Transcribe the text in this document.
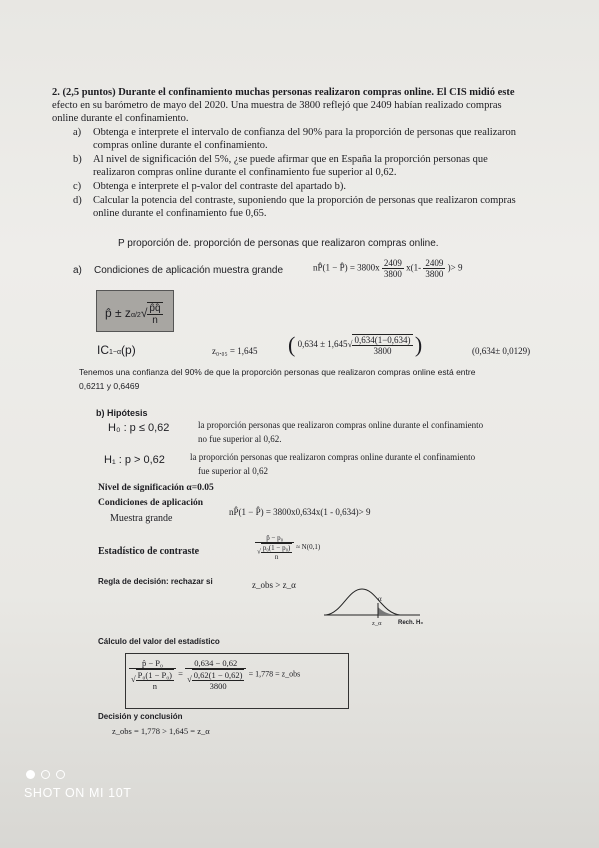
2. (2,5 puntos) Durante el confinamiento muchas personas realizaron compras online. El CIS midió este
efecto en su barómetro de mayo del 2020. Una muestra de 3800 reflejó que 2409 habían realizado compras
online durante el confinamiento.
a) Obtenga e interprete el intervalo de confianza del 90% para la proporción de personas que realizaron
compras online durante el confinamiento.
b) Al nivel de significación del 5%, ¿se puede afirmar que en España la proporción personas que
realizaron compras online durante el confinamiento fue superior al 0,62.
c) Obtenga e interprete el p-valor del contraste del apartado b).
d) Calcular la potencia del contraste, suponiendo que la proporción de personas que realizaron compras
online durante el confinamiento fue 0,65.
P proporción de. proporción de personas que realizaron compras online.
a) Condiciones de aplicación muestra grande	nP̂(1 − P̂) = $3800x \frac{2409}{3800} x(1- \frac{2409}{3800}$ )> 9
p̂ ± $z\alpha/2√ \frac{p̂q̂}{n}$
IC1−α(p)	z₀.₀₅ = 1,645 ( $0,634 \pm 1,645√ \frac{0,634(1-0,634)}{3800}$ )	(0,634± 0,0129)
Tenemos una confianza del 90% de que la proporción personas que realizaron compras online está entre
0,6211 y 0,6469
b) Hipótesis
H₀ : p ≤ 0,62	la proporción personas que realizaron compras online durante el confinamiento
no fue superior al 0,62.
H₁ : p > 0,62	la proporción personas que realizaron compras online durante el confinamiento
fue superior al 0,62
Nivel de significación α=0.05
Condiciones de aplicación
Muestra grande
nP̂(1 − P̂) = 3800x0,634x(1 - 0,634)> 9
Estadístico de contraste	$\frac{\text{p̂ − p₀}}{√ \frac{\text{p₀(1 − p₀)}}{n}} \approx N(0,1)$
Regla de decisión: rechazar si	z_obs > z_α
α
z_α	Rech. H₀
Cálculo del valor del estadístico
$\frac{\text{p̂ − P₀}}{√ \frac{\text{P₀(1 − P₀)}}{n}} = \frac{0,634 - 0,62}{√ \frac{0,62(1 - 0,62)}{3800}} = 1,778$ = z_obs
Decisión y conclusión
z_obs = 1,778 > 1,645 = z_α
SHOT ON MI 10T
